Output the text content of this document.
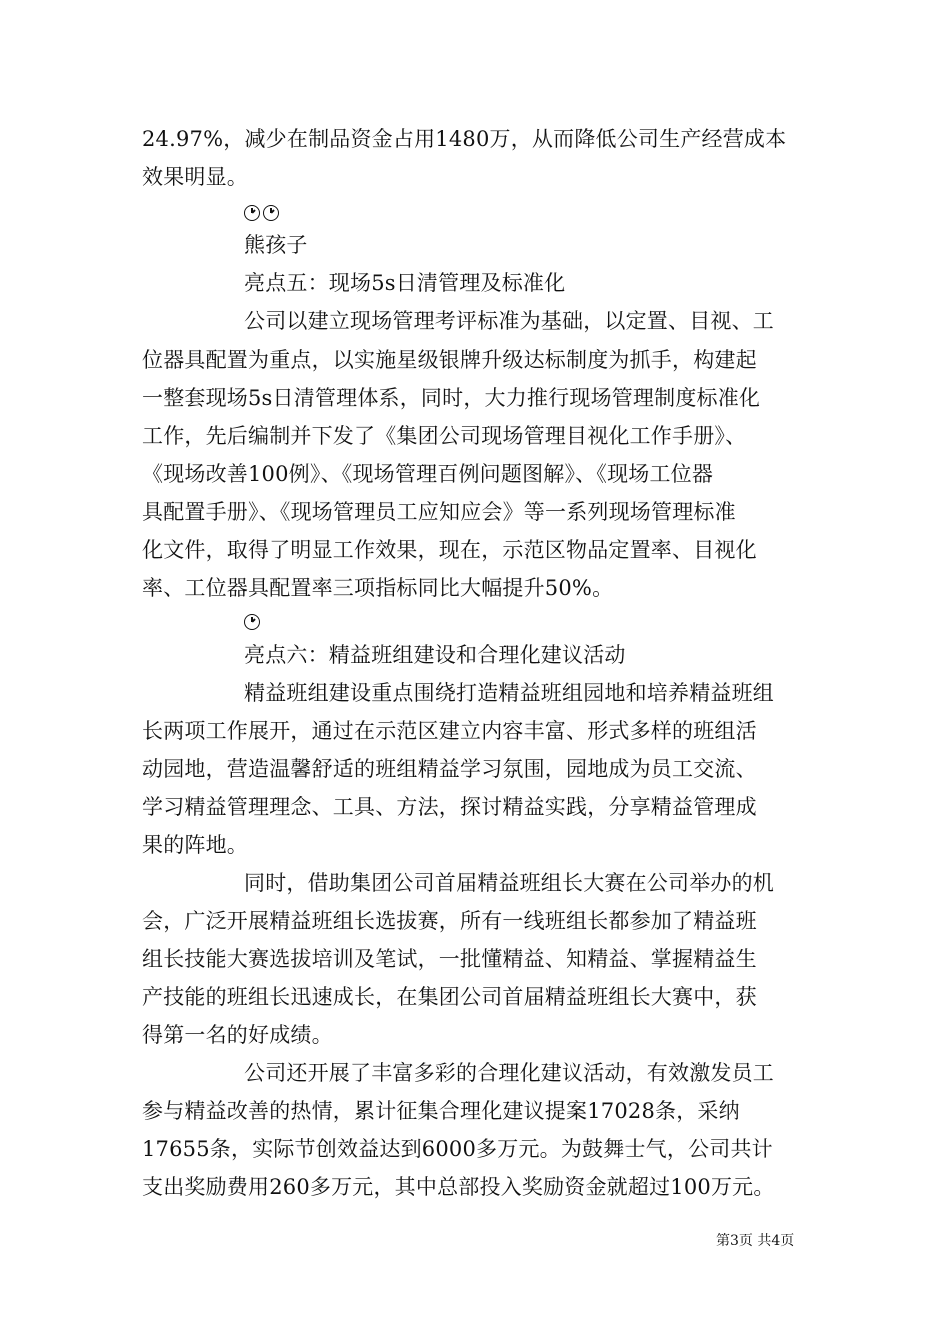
24.97%，减少在制品资金占用1480万，从而降低公司生产经营成本
效果明显。
熊孩子
亮点五：现场5s日清管理及标准化
公司以建立现场管理考评标准为基础，以定置、目视、工
位器具配置为重点，以实施星级银牌升级达标制度为抓手，构建起
一整套现场5s日清管理体系，同时，大力推行现场管理制度标准化
工作，先后编制并下发了《集团公司现场管理目视化工作手册》、
《现场改善100例》、《现场管理百例问题图解》、《现场工位器
具配置手册》、《现场管理员工应知应会》等一系列现场管理标准
化文件，取得了明显工作效果，现在，示范区物品定置率、目视化
率、工位器具配置率三项指标同比大幅提升50%。
亮点六：精益班组建设和合理化建议活动
精益班组建设重点围绕打造精益班组园地和培养精益班组
长两项工作展开，通过在示范区建立内容丰富、形式多样的班组活
动园地，营造温馨舒适的班组精益学习氛围，园地成为员工交流、
学习精益管理理念、工具、方法，探讨精益实践，分享精益管理成
果的阵地。
同时，借助集团公司首届精益班组长大赛在公司举办的机
会，广泛开展精益班组长选拔赛，所有一线班组长都参加了精益班
组长技能大赛选拔培训及笔试，一批懂精益、知精益、掌握精益生
产技能的班组长迅速成长，在集团公司首届精益班组长大赛中，获
得第一名的好成绩。
公司还开展了丰富多彩的合理化建议活动，有效激发员工
参与精益改善的热情，累计征集合理化建议提案17028条，采纳
17655条，实际节创效益达到6000多万元。为鼓舞士气，公司共计
支出奖励费用260多万元，其中总部投入奖励资金就超过100万元。
第3页 共4页
